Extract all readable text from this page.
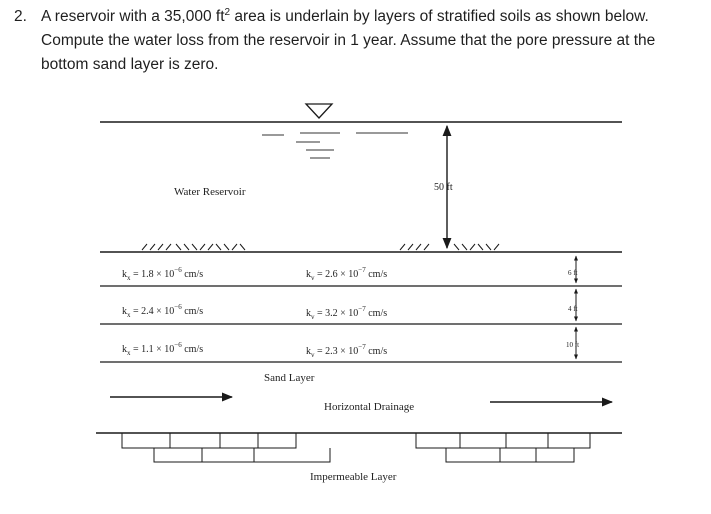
2. A reservoir with a 35,000 $ft^2$ area is underlain by layers of stratified soils as shown below.
Compute the water loss from the reservoir in 1 year. Assume that the pore pressure at the
bottom sand layer is zero.
Water Reservoir	50 ft
$k_x = 1.8 \times 10^{-6}$ cm/s	$k_v = 2.6 \times 10^{-7}$ cm/s
$k_x = 2.4 \times 10^{-6}$ cm/s	$k_v = 3.2 \times 10^{-7}$ cm/s
$k_x = 1.1 \times 10^{-6}$ cm/s	$k_v = 2.3 \times 10^{-7}$ cm/s
6 ft
4 ft
10 ft
Sand Layer
Horizontal Drainage
Impermeable Layer
